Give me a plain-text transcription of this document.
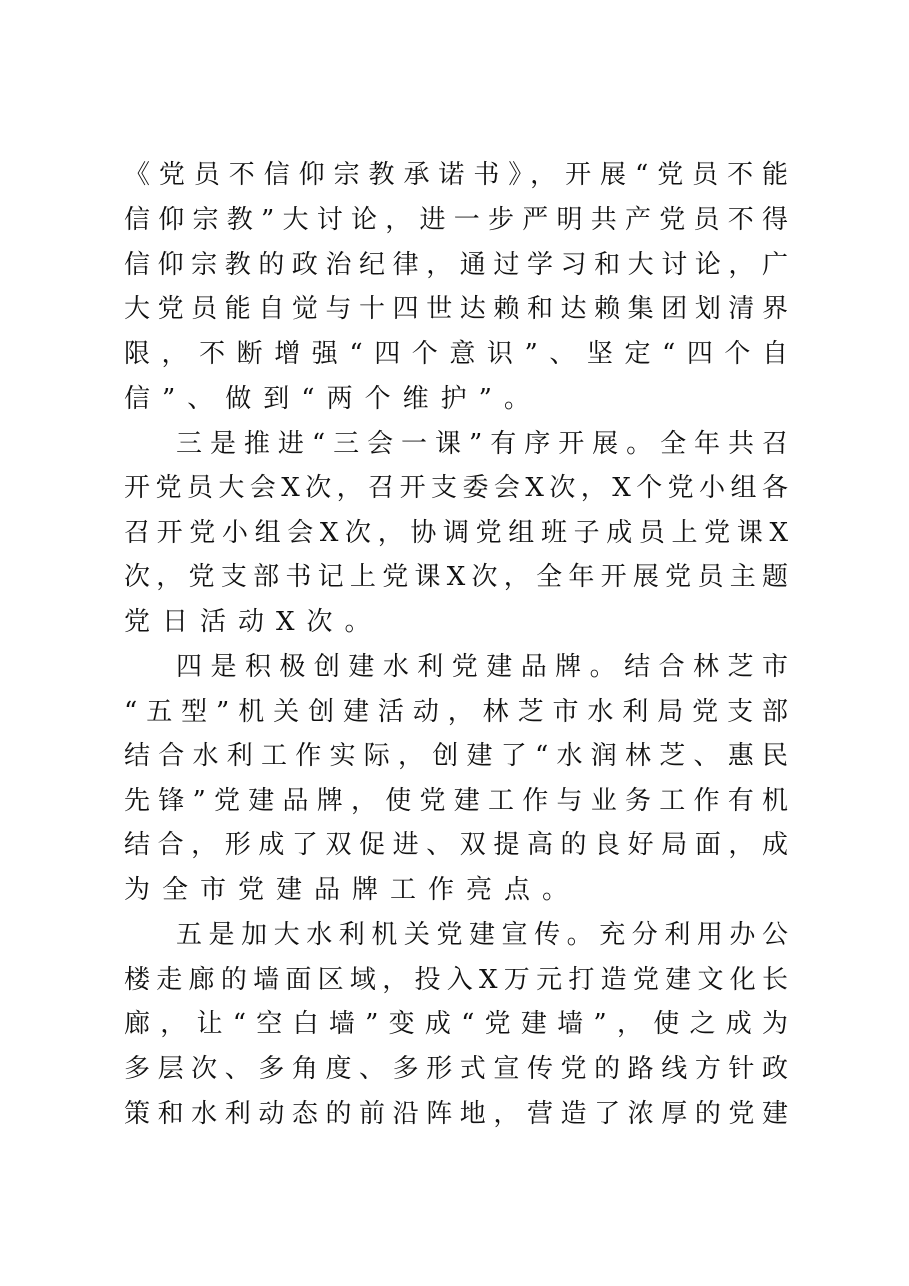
《党员不信仰宗教承诺书》，开展“党员不能
信仰宗教”大讨论，进一步严明共产党员不得
信仰宗教的政治纪律，通过学习和大讨论，广
大党员能自觉与十四世达赖和达赖集团划清界
限，不断增强“四个意识”、坚定“四个自
信”、做到“两个维护”。
三是推进“三会一课”有序开展。全年共召
开党员大会X次，召开支委会X次，X个党小组各
召开党小组会X次，协调党组班子成员上党课X
次，党支部书记上党课X次，全年开展党员主题
党日活动X次。
四是积极创建水利党建品牌。结合林芝市
“五型”机关创建活动，林芝市水利局党支部
结合水利工作实际，创建了“水润林芝、惠民
先锋”党建品牌，使党建工作与业务工作有机
结合，形成了双促进、双提高的良好局面，成
为全市党建品牌工作亮点。
五是加大水利机关党建宣传。充分利用办公
楼走廊的墙面区域，投入X万元打造党建文化长
廊，让“空白墙”变成“党建墙”，使之成为
多层次、多角度、多形式宣传党的路线方针政
策和水利动态的前沿阵地，营造了浓厚的党建
